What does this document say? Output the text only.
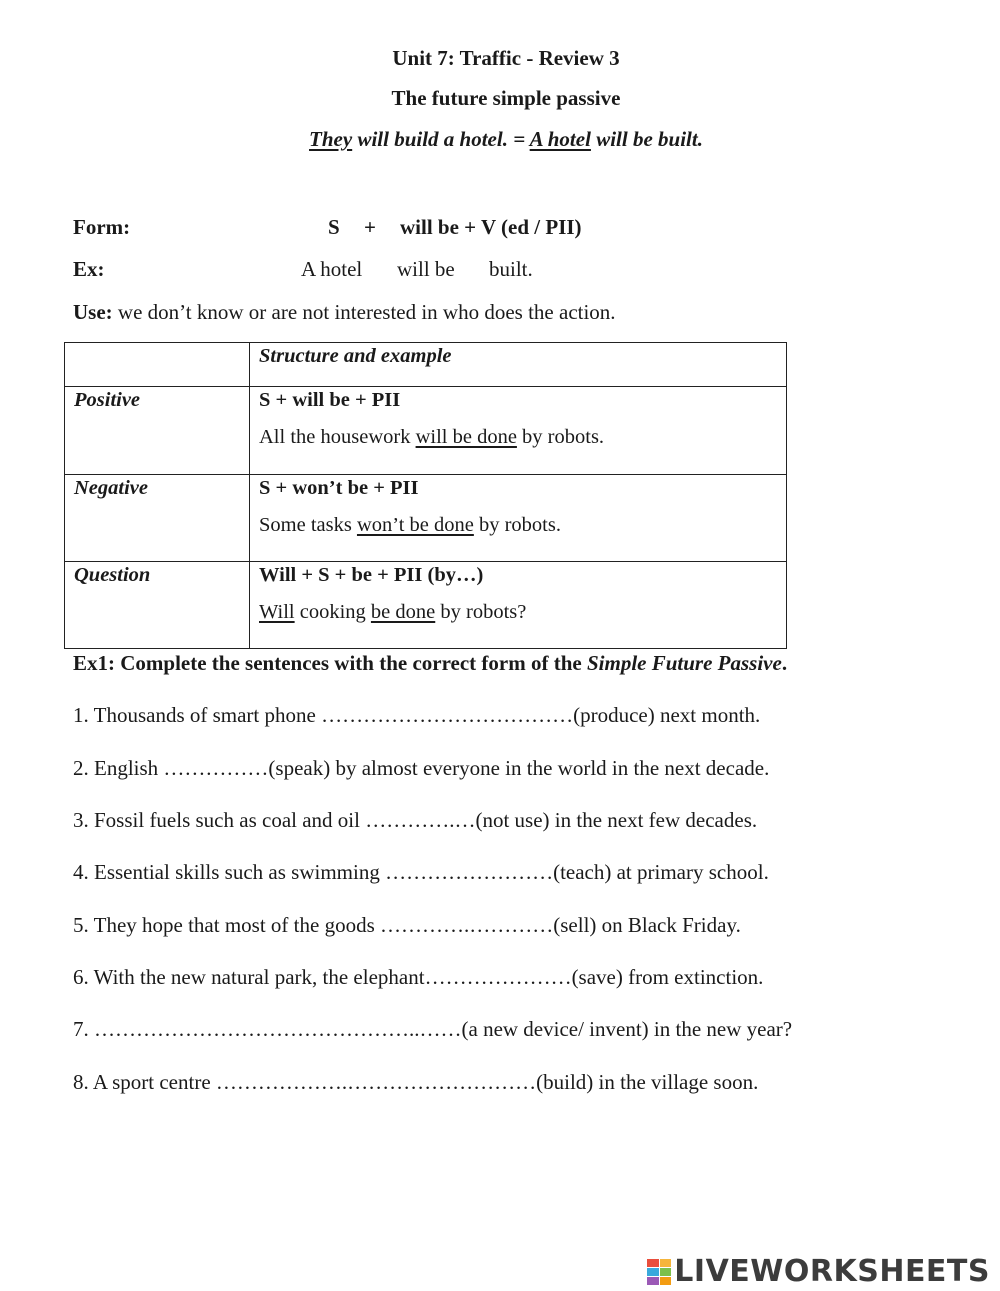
Unit 7: Traffic - Review 3
The future simple passive
They will build a hotel. = A hotel will be built.
Form:	S + will be + V (ed / PII)
Ex:	A hotel will be built.
Use: we don’t know or are not interested in who does the action.

	Structure and example

Positive	S + will be + PII
All the housework will be done by robots.

Negative	S + won’t be + PII
Some tasks won’t be done by robots.

Question	Will + S + be + PII (by…)
Will cooking be done by robots?
Ex1: Complete the sentences with the correct form of the Simple Future Passive.
1. Thousands of smart phone ………………………………(produce) next month.
2. English ……………(speak) by almost everyone in the world in the next decade.
3. Fossil fuels such as coal and oil ………….…(not use) in the next few decades.
4. Essential skills such as swimming ……………………(teach) at primary school.
5. They hope that most of the goods ………….…………(sell) on Black Friday.
6. With the new natural park, the elephant…………………(save) from extinction.
7. ………………………………………..……(a new device/ invent) in the new year?
8. A sport centre ……………….………………………(build) in the village soon.
LIVEWORKSHEETS
